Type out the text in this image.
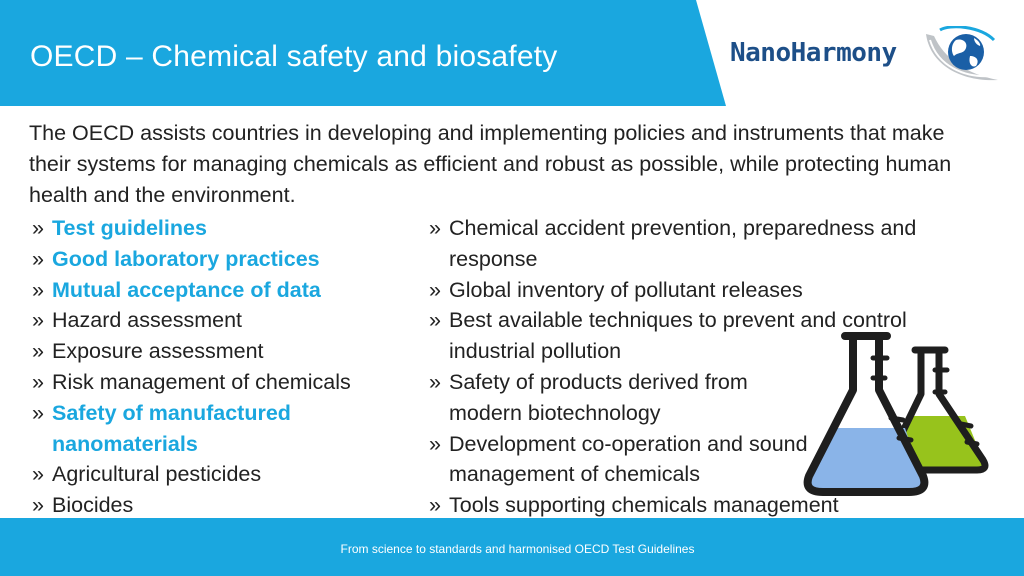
OECD – Chemical safety and biosafety	NanoHarmony
The OECD assists countries in developing and implementing policies and instruments that make their systems for managing chemicals as efficient and robust as possible, while protecting human health and the environment.
» Test guidelines
» Good laboratory practices
» Mutual acceptance of data
» Hazard assessment
» Exposure assessment
» Risk management of chemicals
» Safety of manufactured nanomaterials
» Agricultural pesticides
» Biocides
» Chemical accident prevention, preparedness and response
» Global inventory of pollutant releases
» Best available techniques to prevent and control industrial pollution
» Safety of products derived from modern biotechnology
» Development co-operation and sound management of chemicals
» Tools supporting chemicals management
From science to standards and harmonised OECD Test Guidelines
